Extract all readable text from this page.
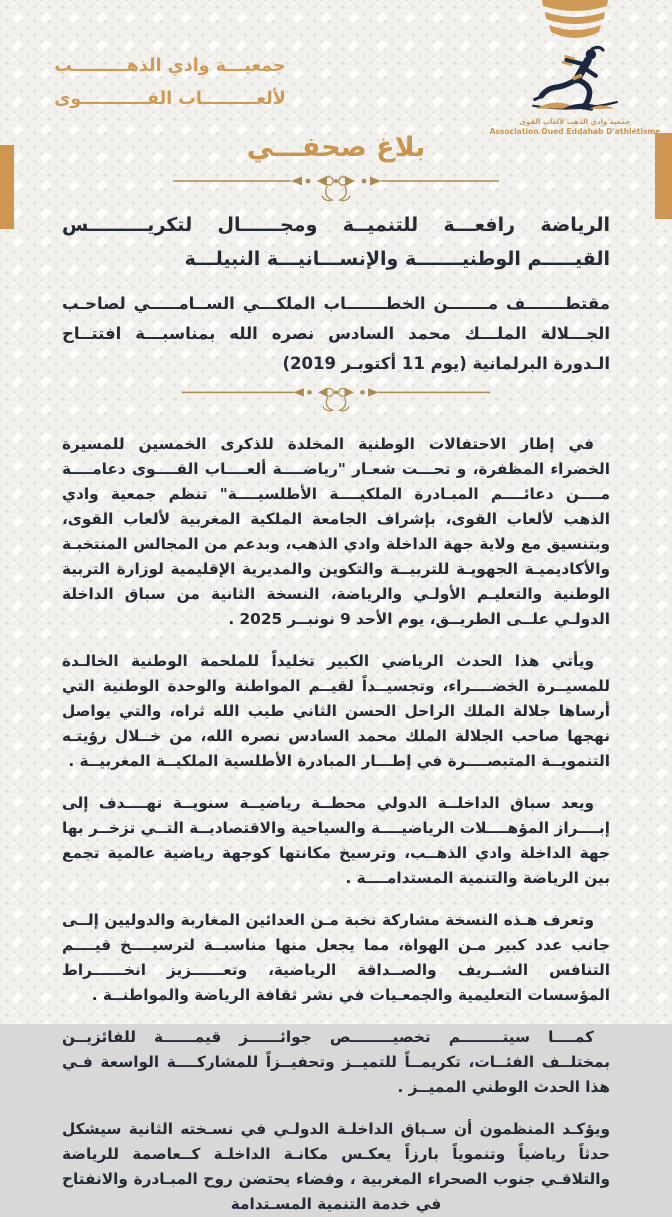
جمعيـــة وادي الذهـــــــــب
لألعـــــــــاب القـــــــــــوى
جمعية وادي الذهب لألعاب القوى
Association Oued Eddahab D'athlétisme
بلاغ صحفـــي
الرياضة رافعـــة للتنميــة ومجــــــال لتكريـــــــــس القيـــــم الوطنيـــــــة والإنســـانيـــة النبيلـــة
مقتطـــــــف مـــــــن الخطـــــــاب الملكـــي الســامـــــي لصاحـب الجـــلالة الملـــك محمد السادس نصره الله بمناسبـــة افتتــاح الـدورة البرلمانية (يوم 11 أكتوبـر 2019)

في إطار الاحتفالات الوطنية المخلدة للذكرى الخمسين للمسيرة الخضراء المظفرة، و تحـــت شعـار "رياضــــة ألعــــاب القــــوى دعامــــة مــــن دعائــــم المبـادرة الملكيــــة الأطلسيــــة" تنظم جمعية وادي الذهب لألعاب القوى، بإشراف الجامعة الملكية المغربية لألعاب القوى، وبتنسيق مع ولاية جهة الداخلة وادي الذهب، وبدعم من المجالس المنتخبـة والأكاديميـة الجهويـة للتربيــة والتكوين والمديرية الإقليمية لوزارة التربية الوطنية والتعليـم الأولـي والرياضة، النسخة الثانية من سباق الداخلة الدولـي علــى الطريــق، يوم الأحد 9 نونبــر 2025 .

ويأتي هذا الحدث الرياضي الكبير تخليداً للملحمة الوطنية الخالـدة للمسيــرة الخضــــراء، وتجسيــداً لقيــم المواطنة والوحدة الوطنية التي أرساها جلالة الملك الراحل الحسن الثاني طيب الله ثراه، والتي يواصل نهجها صاحب الجلالة الملك محمد السادس نصره الله، من خــلال رؤيتـه التنمويــة المتبصــــرة في إطـــار المبادرة الأطلسية الملكيــة المغربيــة .

ويعد سباق الداخلــة الدولي محطــة رياضيــة سنويــة تهــــدف إلى إبــــراز المؤهــــلات الرياضيــــة والسياحية والاقتصاديــة التــي تزخــر بها جهة الداخلة وادي الذهــب، وترسيخ مكانتها كوجهة رياضية عالمية تجمع بين الرياضة والتنمية المستدامــــة .

وتعرف هـذه النسخة مشاركة نخبة مـن العدائين المغاربة والدوليين إلــى جانب عدد كبير مـن الهواة، مما يجعل منها مناسبــة لترسيــــخ قيــــم التنافس الشــريف والصــداقة الرياضية، وتعــــــزيز انخــــــراط المؤسسات التعليمية والجمعـيات في نشر ثقافة الرياضة والمواطنــة .

كمــــا سيتــــــــم تخصيــــــــص جوائــــــز قيمــــــة للفائزيــن بمختلــف الفئــات، تكريمــاً للتميــز وتحفيــزاً للمشاركــــة الواسعة فـي هذا الحدث الوطني المميــز .

ويؤكـد المنظمون أن سـباق الداخلـة الدولـي في نسـخته الثانية سيشكل حدثاً رياضياً وتنموياً بارزاً يعكـس مكانـة الداخلـة كــعاصمة للرياضة والتلاقـي جنوب الصحراء المغربية ، وفضاء يحتضن روح المبـادرة والانفتاح في خدمة التنمية المسـتدامة
